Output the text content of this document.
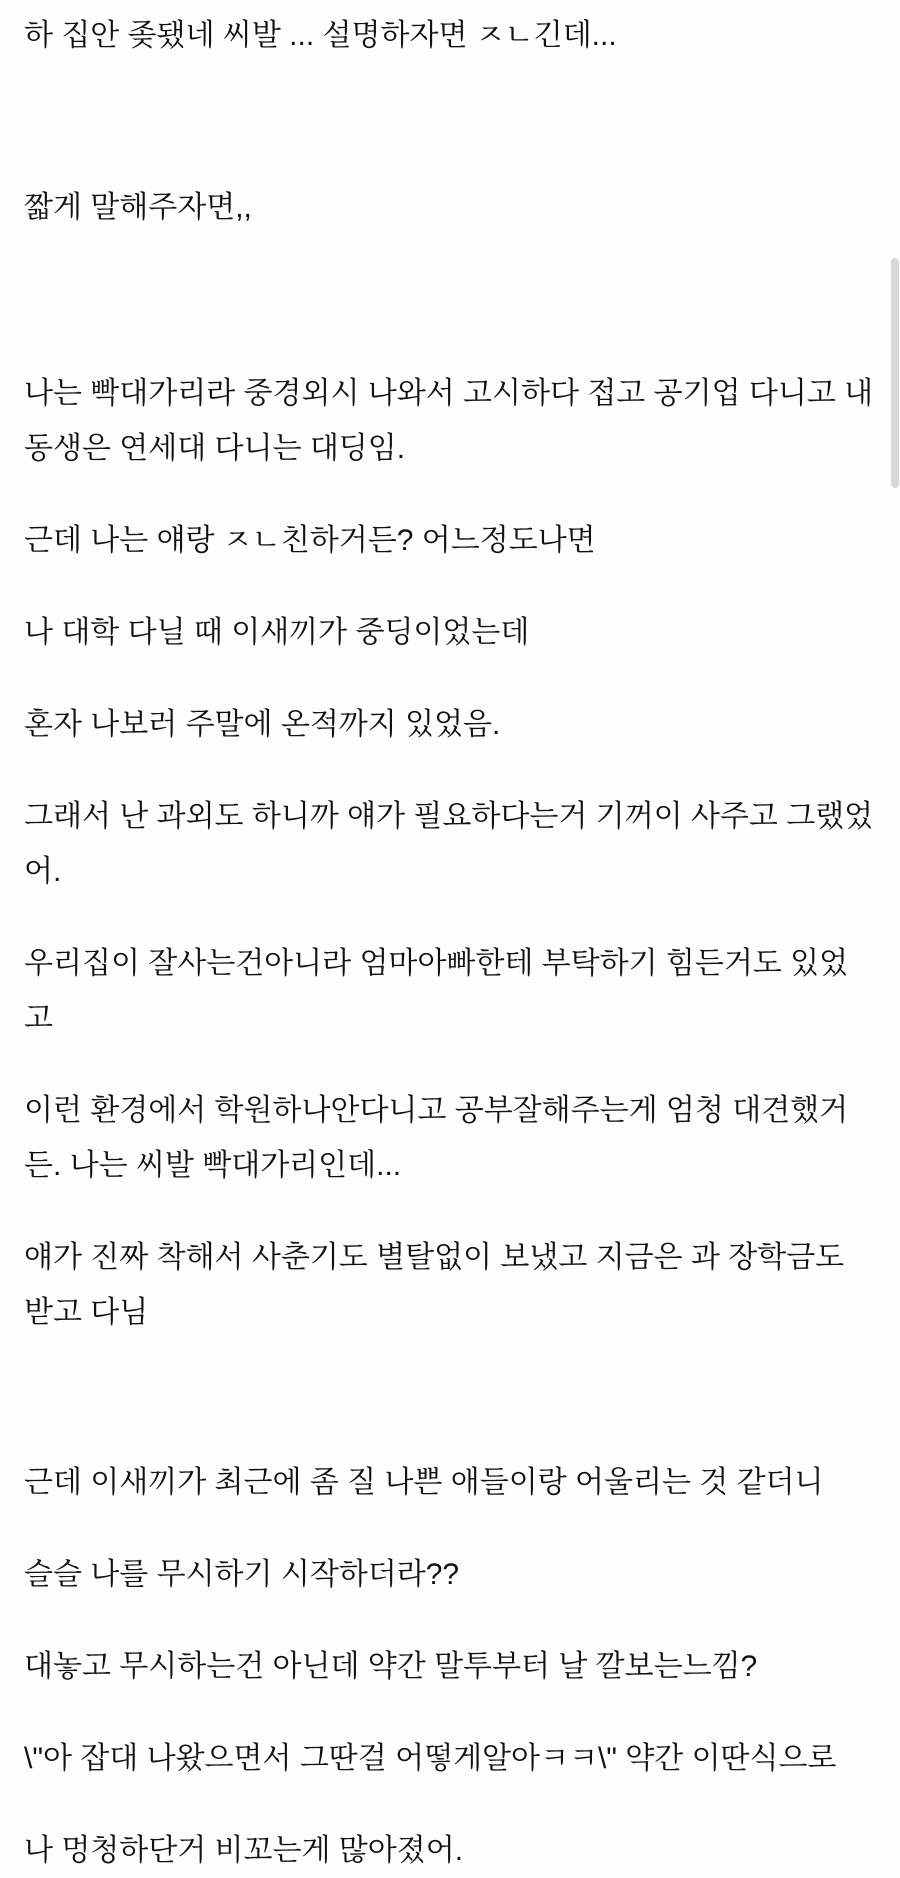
하 집안 좆됐네 씨발 ... 설명하자면 ㅈㄴ긴데...

짧게 말해주자면,,

나는 빡대가리라 중경외시 나와서 고시하다 접고 공기업 다니고 내 동생은 연세대 다니는 대딩임.

근데 나는 얘랑 ㅈㄴ친하거든? 어느정도나면

나 대학 다닐 때 이새끼가 중딩이었는데

혼자 나보러 주말에 온적까지 있었음.

그래서 난 과외도 하니까 얘가 필요하다는거 기꺼이 사주고 그랬었어.

우리집이 잘사는건아니라 엄마아빠한테 부탁하기 힘든거도 있었고

이런 환경에서 학원하나안다니고 공부잘해주는게 엄청 대견했거든. 나는 씨발 빡대가리인데...

얘가 진짜 착해서 사춘기도 별탈없이 보냈고 지금은 과 장학금도 받고 다님

근데 이새끼가 최근에 좀 질 나쁜 애들이랑 어울리는 것 같더니

슬슬 나를 무시하기 시작하더라??

대놓고 무시하는건 아닌데 약간 말투부터 날 깔보는느낌?

\"아 잡대 나왔으면서 그딴걸 어떻게알아ㅋㅋ\" 약간 이딴식으로

나 멍청하단거 비꼬는게 많아졌어.
